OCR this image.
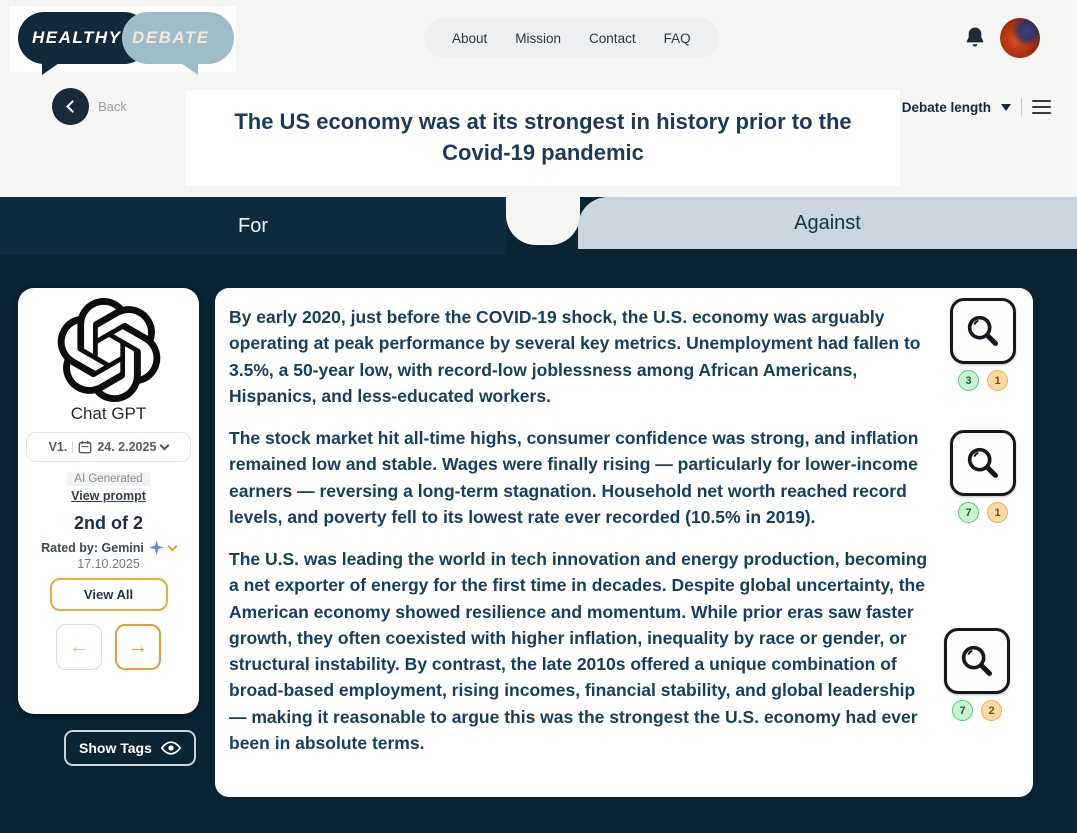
HEALTHY DEBATE	About Mission Contact FAQ
Back
The US economy was at its strongest in history prior to the Covid-19 pandemic
Debate length
For	Against
Chat GPT
V1. 24. 2.2025
AI Generated
View prompt
2nd of 2
Rated by: Gemini
17.10.2025
View All
←	→
Show Tags

By early 2020, just before the COVID-19 shock, the U.S. economy was arguably operating at peak performance by several key metrics. Unemployment had fallen to 3.5%, a 50-year low, with record-low joblessness among African Americans, Hispanics, and less-educated workers.

The stock market hit all-time highs, consumer confidence was strong, and inflation remained low and stable. Wages were finally rising — particularly for lower-income earners — reversing a long-term stagnation. Household net worth reached record levels, and poverty fell to its lowest rate ever recorded (10.5% in 2019).

The U.S. was leading the world in tech innovation and energy production, becoming a net exporter of energy for the first time in decades. Despite global uncertainty, the American economy showed resilience and momentum. While prior eras saw faster growth, they often coexisted with higher inflation, inequality by race or gender, or structural instability. By contrast, the late 2010s offered a unique combination of broad-based employment, rising incomes, financial stability, and global leadership — making it reasonable to argue this was the strongest the U.S. economy had ever been in absolute terms.

3	1
7	1
7	2
